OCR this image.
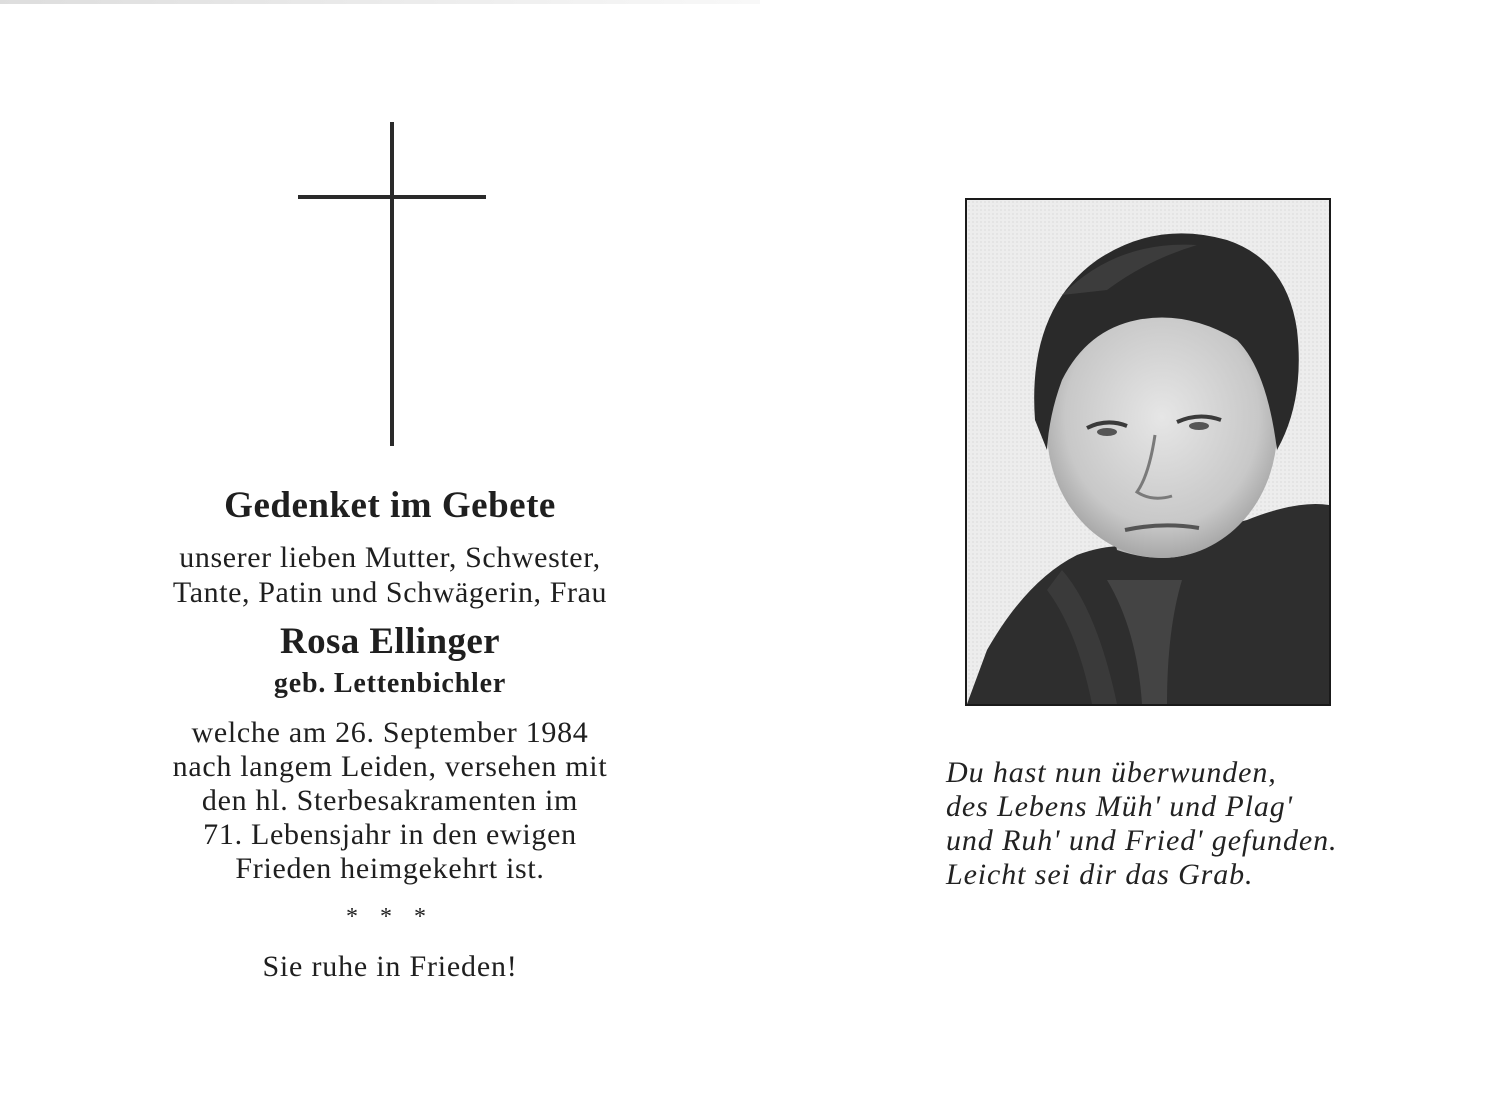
Gedenket im Gebete
unserer lieben Mutter, Schwester,
Tante, Patin und Schwägerin, Frau
Rosa Ellinger
geb. Lettenbichler
welche am 26. September 1984
nach langem Leiden, versehen mit
den hl. Sterbesakramenten im
71. Lebensjahr in den ewigen
Frieden heimgekehrt ist.
* * *
Sie ruhe in Frieden!
Du hast nun überwunden,
des Lebens Müh' und Plag'
und Ruh' und Fried' gefunden.
Leicht sei dir das Grab.
